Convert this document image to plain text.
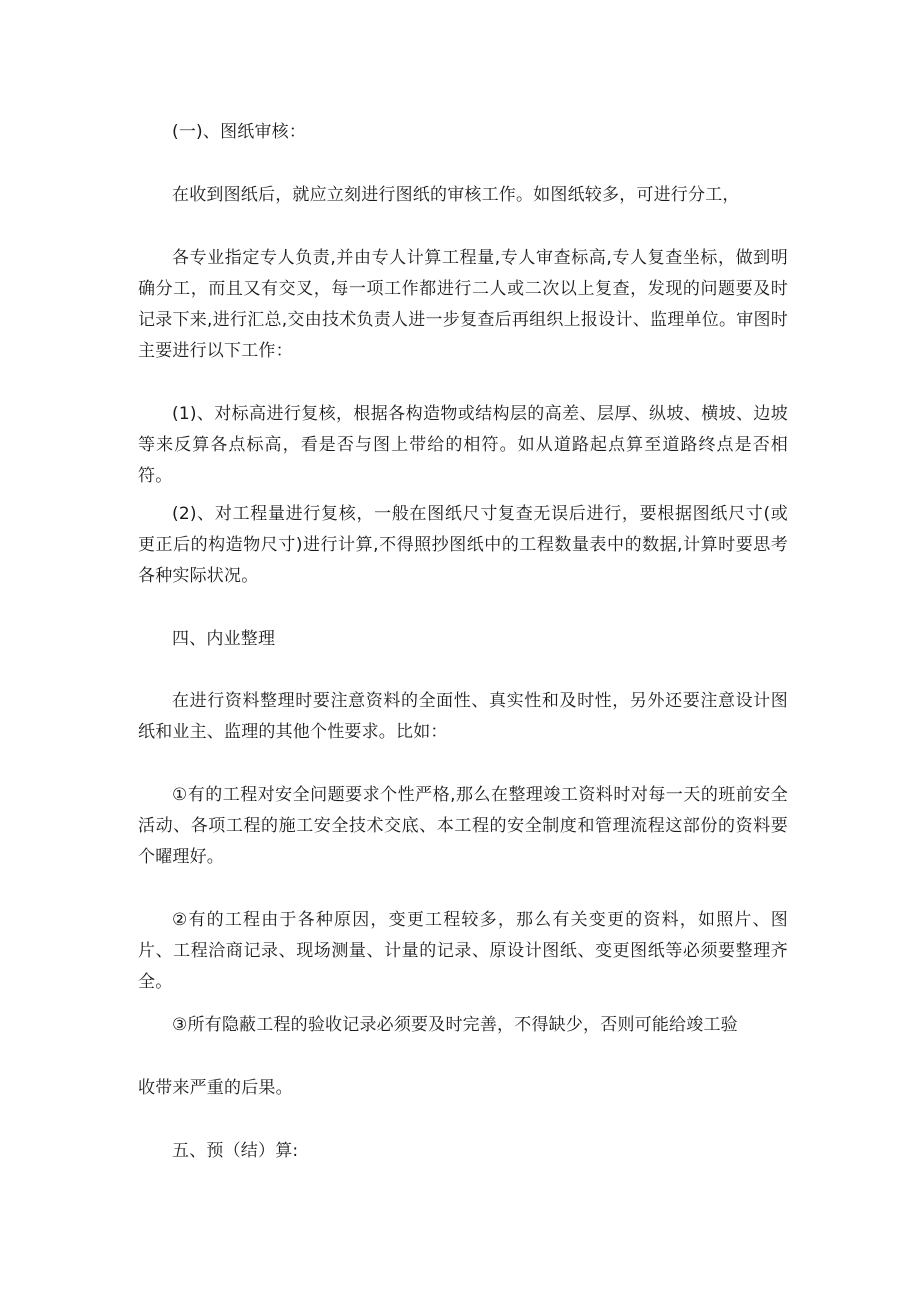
(一)、图纸审核：

在收到图纸后，就应立刻进行图纸的审核工作。如图纸较多，可进行分工，

各专业指定专人负责,并由专人计算工程量,专人审查标高,专人复查坐标，做到明确分工，而且又有交叉，每一项工作都进行二人或二次以上复查，发现的问题要及时记录下来,进行汇总,交由技术负责人进一步复查后再组织上报设计、监理单位。审图时主要进行以下工作：

(1)、对标高进行复核，根据各构造物或结构层的高差、层厚、纵坡、横坡、边坡等来反算各点标高，看是否与图上带给的相符。如从道路起点算至道路终点是否相符。

(2)、对工程量进行复核，一般在图纸尺寸复查无误后进行，要根据图纸尺寸(或更正后的构造物尺寸)进行计算,不得照抄图纸中的工程数量表中的数据,计算时要思考各种实际状况。

四、内业整理

在进行资料整理时要注意资料的全面性、真实性和及时性，另外还要注意设计图纸和业主、监理的其他个性要求。比如：

①有的工程对安全问题要求个性严格,那么在整理竣工资料时对每一天的班前安全活动、各项工程的施工安全技术交底、本工程的安全制度和管理流程这部份的资料要个曜理好。

②有的工程由于各种原因，变更工程较多，那么有关变更的资料，如照片、图片、工程洽商记录、现场测量、计量的记录、原设计图纸、变更图纸等必须要整理齐全。

③所有隐蔽工程的验收记录必须要及时完善，不得缺少，否则可能给竣工验

收带来严重的后果。

五、预（结）算:
